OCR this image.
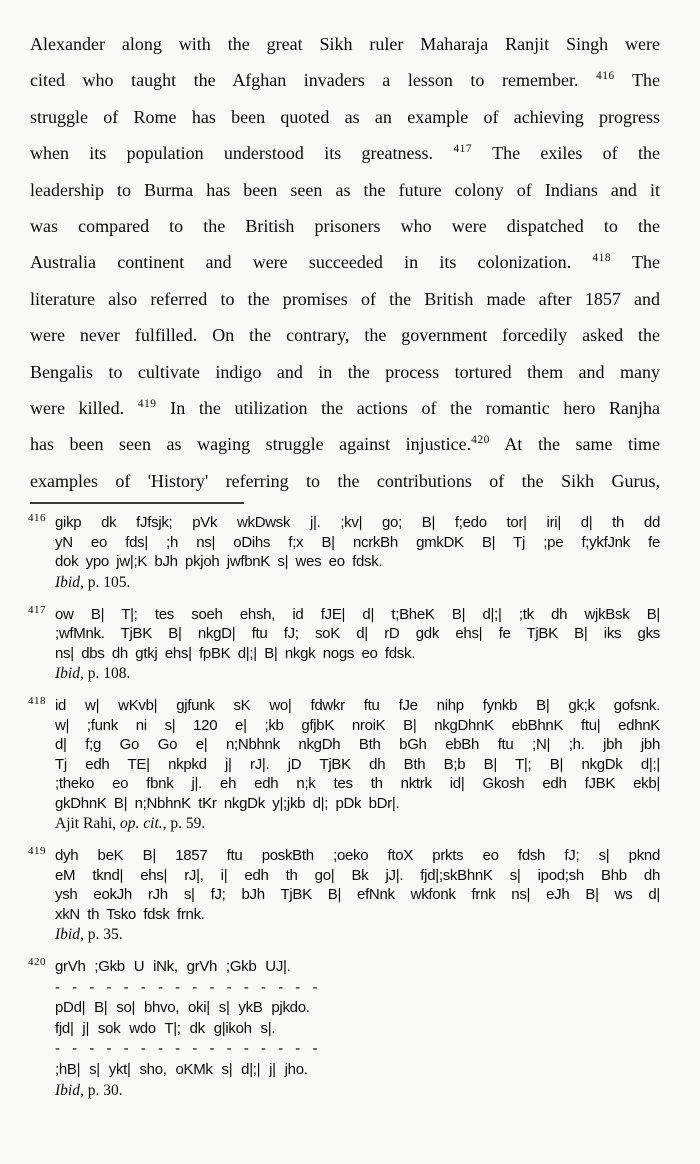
Alexander along with the great Sikh ruler Maharaja Ranjit Singh were
cited who taught the Afghan invaders a lesson to remember. $^{416}$ The
struggle of Rome has been quoted as an example of achieving progress
when its population understood its greatness. $^{417}$ The exiles of the
leadership to Burma has been seen as the future colony of Indians and it
was compared to the British prisoners who were dispatched to the
Australia continent and were succeeded in its colonization. $^{418}$ The
literature also referred to the promises of the British made after 1857 and
were never fulfilled. On the contrary, the government forcedily asked the
Bengalis to cultivate indigo and in the process tortured them and many
were killed. $^{419}$ In the utilization the actions of the romantic hero Ranjha
has been seen as waging struggle against injustice.$^{420}$ At the same time
examples of 'History' referring to the contributions of the Sikh Gurus,
416 gikp dk fJfsjk; pVk wkDwsk j|. ;kv| go; B| f;edo tor| iri| d| th dd
yN eo fds| ;h ns| oDihs f;x B| ncrkBh gmkDK B| Tj ;pe f;ykfJnk fe
dok ypo jw|;K bJh pkjoh jwfbnK s| wes eo fdsk.
Ibid, p. 105.
417 ow B| T|; tes soeh ehsh, id fJE| d| t;BheK B| d|;| ;tk dh wjkBsk B|
;wfMnk. TjBK B| nkgD| ftu fJ; soK d| rD gdk ehs| fe TjBK B| iks gks
ns| dbs dh gtkj ehs| fpBK d|;| B| nkgk nogs eo fdsk.
Ibid, p. 108.
418 id w| wKvb| gjfunk sK wo| fdwkr ftu fJe nihp fynkb B| gk;k gofsnk.
w| ;funk ni s| 120 e| ;kb gfjbK nroiK B| nkgDhnK ebBhnK ftu| edhnK
d| f;g Go Go e| n;Nbhnk nkgDh Bth bGh ebBh ftu ;N| ;h. jbh jbh
Tj edh TE| nkpkd j| rJ|. jD TjBK dh Bth B;b B| T|; B| nkgDk d|;|
;theko eo fbnk j|. eh edh n;k tes th nktrk id| Gkosh edh fJBK ekb|
gkDhnK B| n;NbhnK tKr nkgDk y|;jkb d|; pDk bDr|.
Ajit Rahi, op. cit., p. 59.
419 dyh beK B| 1857 ftu poskBth ;oeko ftoX prkts eo fdsh fJ; s| pknd
eM tknd| ehs| rJ|, i| edh th go| Bk jJ|. fjd|;skBhnK s| ipod;sh Bhb dh
ysh eokJh rJh s| fJ; bJh TjBK B| efNnk wkfonk frnk ns| eJh B| ws d|
xkN th Tsko fdsk frnk.
Ibid, p. 35.
420 grVh ;Gkb U iNk, grVh ;Gkb UJ|.
- - - - - - - - - - - - - - - -
pDd| B| so| bhvo, oki| s| ykB pjkdo.
fjd| j| sok wdo T|; dk g|ikoh s|.
- - - - - - - - - - - - - - - -
;hB| s| ykt| sho, oKMk s| d|;| j| jho.
Ibid, p. 30.
